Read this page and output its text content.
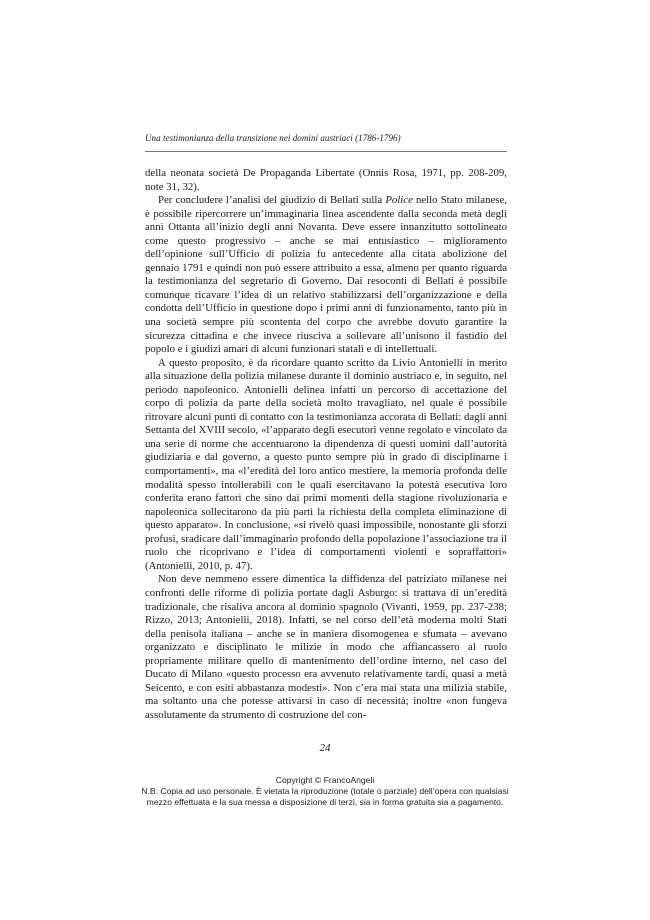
Una testimonianza della transizione nei domini austriaci (1786-1796)

della neonata società De Propaganda Libertate (Onnis Rosa, 1971, pp. 208-209, note 31, 32).

Per concludere l’analisi del giudizio di Bellati sulla Police nello Stato milanese, è possibile ripercorrere un’immaginaria linea ascendente dalla seconda metà degli anni Ottanta all’inizio degli anni Novanta. Deve essere innanzitutto sottolineato come questo progressivo – anche se mai entusiastico – miglioramento dell’opinione sull’Ufficio di polizia fu antecedente alla citata abolizione del gennaio 1791 e quindi non può essere attribuito a essa, almeno per quanto riguarda la testimonianza del segretario di Governo. Dai resoconti di Bellati è possibile comunque ricavare l’idea di un relativo stabilizzarsi dell’organizzazione e della condotta dell’Ufficio in questione dopo i primi anni di funzionamento, tanto più in una società sempre più scontenta del corpo che avrebbe dovuto garantire la sicurezza cittadina e che invece riusciva a sollevare all’unisono il fastidio del popolo e i giudizi amari di alcuni funzionari statali e di intellettuali.

A questo proposito, è da ricordare quanto scritto da Livio Antonielli in merito alla situazione della polizia milanese durante il dominio austriaco e, in seguito, nel periodo napoleonico. Antonielli delinea infatti un percorso di accettazione del corpo di polizia da parte della società molto travagliato, nel quale è possibile ritrovare alcuni punti di contatto con la testimonianza accorata di Bellati: dagli anni Settanta del XVIII secolo, «l’apparato degli esecutori venne regolato e vincolato da una serie di norme che accentuarono la dipendenza di questi uomini dall’autorità giudiziaria e dal governo, a questo punto sempre più in grado di disciplinarne i comportamenti», ma «l’eredità del loro antico mestiere, la memoria profonda delle modalità spesso intollerabili con le quali esercitavano la potestà esecutiva loro conferita erano fattori che sino dai primi momenti della stagione rivoluzionaria e napoleonica sollecitarono da più parti la richiesta della completa eliminazione di questo apparato». In conclusione, «si rivelò quasi impossibile, nonostante gli sforzi profusi, sradicare dall’immaginario profondo della popolazione l’associazione tra il ruolo che ricoprivano e l’idea di comportamenti violenti e sopraffattori» (Antonielli, 2010, p. 47).

Non deve nemmeno essere dimentica la diffidenza del patriziato milanese nei confronti delle riforme di polizia portate dagli Asburgo: si trattava di un’eredità tradizionale, che risaliva ancora al dominio spagnolo (Vivanti, 1959, pp. 237-238; Rizzo, 2013; Antonielli, 2018). Infatti, se nel corso dell’età moderna molti Stati della penisola italiana – anche se in maniera disomogenea e sfumata – avevano organizzato e disciplinato le milizie in modo che affiancassero al ruolo propriamente militare quello di mantenimento dell’ordine interno, nel caso del Ducato di Milano «questo processo era avvenuto relativamente tardi, quasi a metà Seicento, e con esiti abbastanza modesti». Non c’era mai stata una milizia stabile, ma soltanto una che potesse attivarsi in caso di necessità; inoltre «non fungeva assolutamente da strumento di costruzione del con-

24
Copyright © FrancoAngeli
N.B: Copia ad uso personale. È vietata la riproduzione (totale o parziale) dell’opera con qualsiasi
mezzo effettuata e la sua messa a disposizione di terzi, sia in forma gratuita sia a pagamento.
